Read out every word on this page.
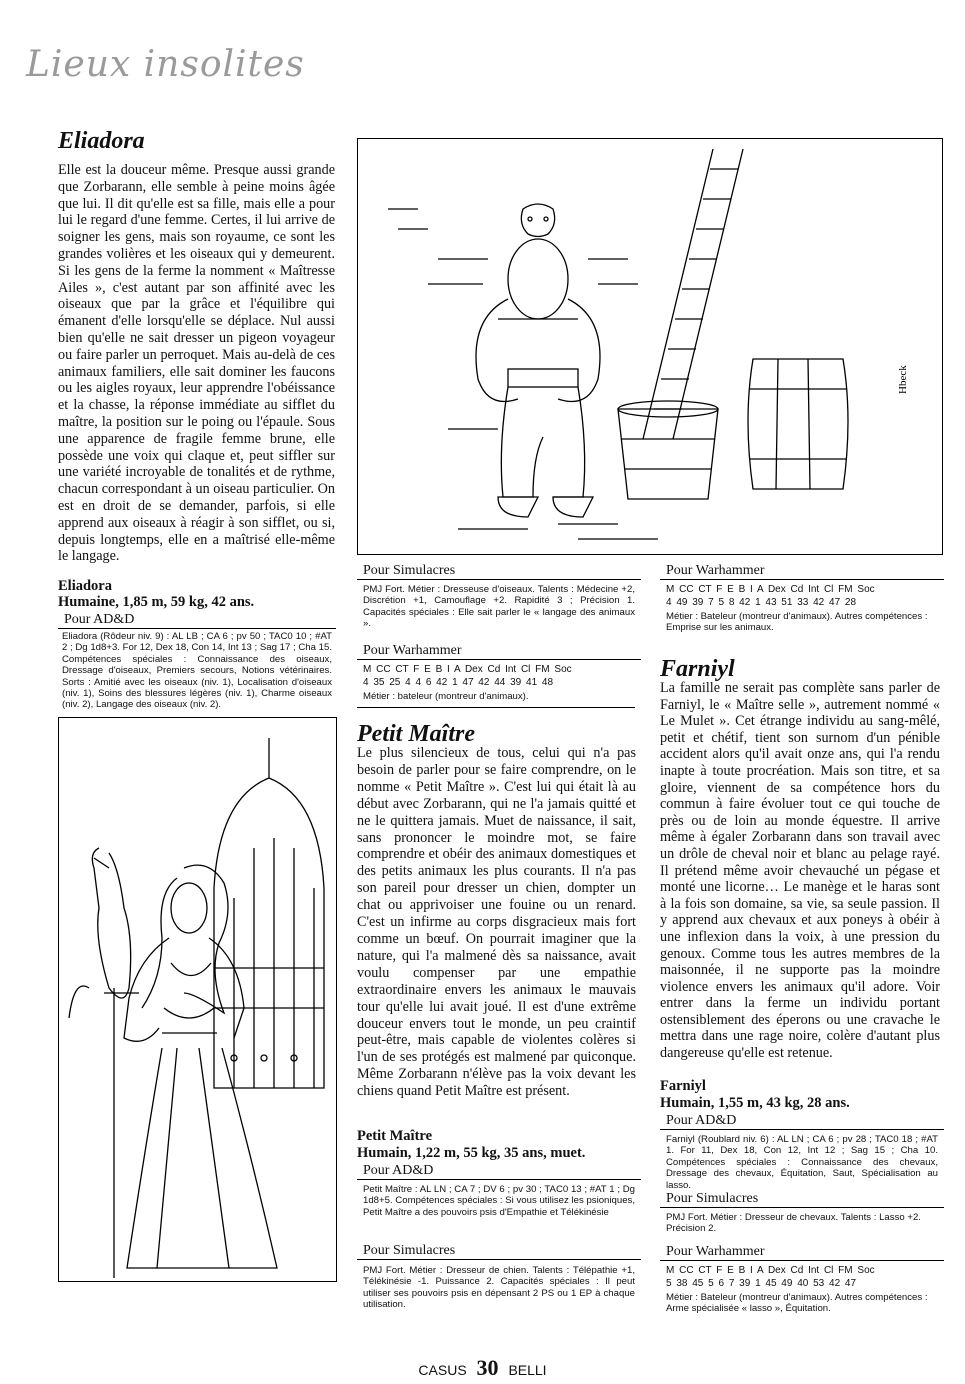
Lieux insolites
Eliadora
Elle est la douceur même. Presque aussi grande que Zorbarann, elle semble à peine moins âgée que lui. Il dit qu'elle est sa fille, mais elle a pour lui le regard d'une femme. Certes, il lui arrive de soigner les gens, mais son royaume, ce sont les grandes volières et les oiseaux qui y demeurent. Si les gens de la ferme la nomment « Maîtresse Ailes », c'est autant par son affinité avec les oiseaux que par la grâce et l'équilibre qui émanent d'elle lorsqu'elle se déplace. Nul aussi bien qu'elle ne sait dresser un pigeon voyageur ou faire parler un perroquet. Mais au-delà de ces animaux familiers, elle sait dominer les faucons ou les aigles royaux, leur apprendre l'obéissance et la chasse, la réponse immédiate au sifflet du maître, la position sur le poing ou l'épaule. Sous une apparence de fragile femme brune, elle possède une voix qui claque et, peut siffler sur une variété incroyable de tonalités et de rythme, chacun correspondant à un oiseau particulier. On est en droit de se demander, parfois, si elle apprend aux oiseaux à réagir à son sifflet, ou si, depuis longtemps, elle en a maîtrisé elle-même le langage.
Eliadora
Humaine, 1,85 m, 59 kg, 42 ans.
Pour AD&D
Eliadora (Rôdeur niv. 9) : AL LB ; CA 6 ; pv 50 ; TAC0 10 ; #AT 2 ; Dg 1d8+3. For 12, Dex 18, Con 14, Int 13 ; Sag 17 ; Cha 15. Compétences spéciales : Connaissance des oiseaux, Dressage d'oiseaux, Premiers secours, Notions vétérinaires. Sorts : Amitié avec les oiseaux (niv. 1), Localisation d'oiseaux (niv. 1), Soins des blessures légères (niv. 1), Charme oiseaux (niv. 2), Langage des oiseaux (niv. 2).
Hbeck
Pour Simulacres
PMJ Fort. Métier : Dresseuse d'oiseaux. Talents : Médecine +2, Discrétion +1, Camouflage +2. Rapidité 3 ; Précision 1. Capacités spéciales : Elle sait parler le « langage des animaux ».
Pour Warhammer
M CC CT F E B I A Dex Cd Int Cl FM Soc
4 35 25 4 4 6 42 1 47 42 44 39 41 48
Métier : bateleur (montreur d'animaux).
Petit Maître
Le plus silencieux de tous, celui qui n'a pas besoin de parler pour se faire comprendre, on le nomme « Petit Maître ». C'est lui qui était là au début avec Zorbarann, qui ne l'a jamais quitté et ne le quittera jamais. Muet de naissance, il sait, sans prononcer le moindre mot, se faire comprendre et obéir des animaux domestiques et des petits animaux les plus courants. Il n'a pas son pareil pour dresser un chien, dompter un chat ou apprivoiser une fouine ou un renard. C'est un infirme au corps disgracieux mais fort comme un bœuf. On pourrait imaginer que la nature, qui l'a malmené dès sa naissance, avait voulu compenser par une empathie extraordinaire envers les animaux le mauvais tour qu'elle lui avait joué. Il est d'une extrême douceur envers tout le monde, un peu craintif peut-être, mais capable de violentes colères si l'un de ses protégés est malmené par quiconque. Même Zorbarann n'élève pas la voix devant les chiens quand Petit Maître est présent.
Petit Maître
Humain, 1,22 m, 55 kg, 35 ans, muet.
Pour AD&D
Petit Maître : AL LN ; CA 7 ; DV 6 ; pv 30 ; TAC0 13 ; #AT 1 ; Dg 1d8+5. Compétences spéciales : Si vous utilisez les psioniques, Petit Maître a des pouvoirs psis d'Empathie et Télékinésie
Pour Simulacres
PMJ Fort. Métier : Dresseur de chien. Talents : Télépathie +1, Télékinésie -1. Puissance 2. Capacités spéciales : Il peut utiliser ses pouvoirs psis en dépensant 2 PS ou 1 EP à chaque utilisation.
Pour Warhammer
M CC CT F E B I A Dex Cd Int Cl FM Soc
4 49 39 7 5 8 42 1 43 51 33 42 47 28
Métier : Bateleur (montreur d'animaux). Autres compétences : Emprise sur les animaux.
Farniyl
La famille ne serait pas complète sans parler de Farniyl, le « Maître selle », autrement nommé « Le Mulet ». Cet étrange individu au sang-mêlé, petit et chétif, tient son surnom d'un pénible accident alors qu'il avait onze ans, qui l'a rendu inapte à toute procréation. Mais son titre, et sa gloire, viennent de sa compétence hors du commun à faire évoluer tout ce qui touche de près ou de loin au monde équestre. Il arrive même à égaler Zorbarann dans son travail avec un drôle de cheval noir et blanc au pelage rayé. Il prétend même avoir chevauché un pégase et monté une licorne… Le manège et le haras sont à la fois son domaine, sa vie, sa seule passion. Il y apprend aux chevaux et aux poneys à obéir à une inflexion dans la voix, à une pression du genoux. Comme tous les autres membres de la maisonnée, il ne supporte pas la moindre violence envers les animaux qu'il adore. Voir entrer dans la ferme un individu portant ostensiblement des éperons ou une cravache le mettra dans une rage noire, colère d'autant plus dangereuse qu'elle est retenue.
Farniyl
Humain, 1,55 m, 43 kg, 28 ans.
Pour AD&D
Farniyl (Roublard niv. 6) : AL LN ; CA 6 ; pv 28 ; TAC0 18 ; #AT 1. For 11, Dex 18, Con 12, Int 12 ; Sag 15 ; Cha 10. Compétences spéciales : Connaissance des chevaux, Dressage des chevaux, Équitation, Saut, Spécialisation au lasso.
Pour Simulacres
PMJ Fort. Métier : Dresseur de chevaux. Talents : Lasso +2. Précision 2.
Pour Warhammer
M CC CT F E B I A Dex Cd Int Cl FM Soc
5 38 45 5 6 7 39 1 45 49 40 53 42 47
Métier : Bateleur (montreur d'animaux). Autres compétences : Arme spécialisée « lasso », Équitation.
CASUS 30 BELLI
